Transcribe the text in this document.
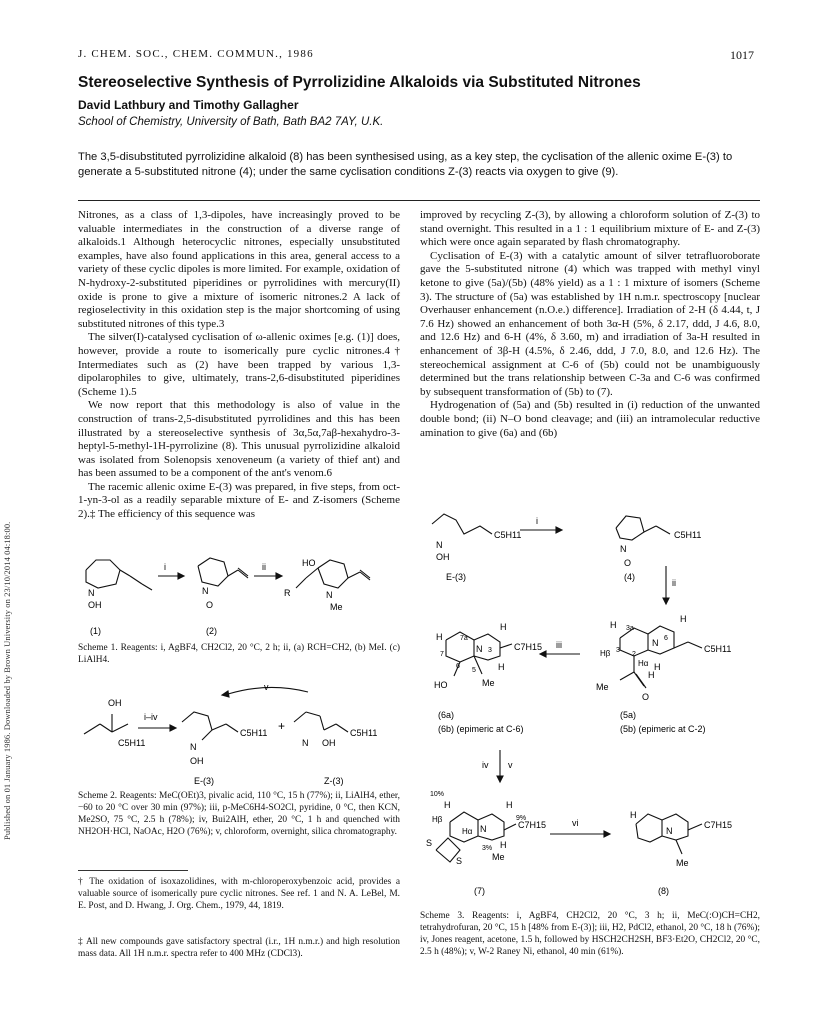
Published on 01 January 1986. Downloaded by Brown University on 23/10/2014 04:18:00.
J. CHEM. SOC., CHEM. COMMUN., 1986	1017
Stereoselective Synthesis of Pyrrolizidine Alkaloids via Substituted Nitrones
David Lathbury and Timothy Gallagher
School of Chemistry, University of Bath, Bath BA2 7AY, U.K.
The 3,5-disubstituted pyrrolizidine alkaloid (8) has been synthesised using, as a key step, the cyclisation of the allenic oxime E-(3) to generate a 5-substituted nitrone (4); under the same cyclisation conditions Z-(3) reacts via oxygen to give (9).

Nitrones, as a class of 1,3-dipoles, have increasingly proved to be valuable intermediates in the construction of a diverse range of alkaloids.1 Although heterocyclic nitrones, especially unsubstituted examples, have also found applications in this area, general access to a variety of these cyclic dipoles is more limited. For example, oxidation of N-hydroxy-2-substituted piperidines or pyrrolidines with mercury(II) oxide is prone to give a mixture of isomeric nitrones.2 A lack of regioselectivity in this oxidation step is the major shortcoming of using substituted nitrones of this type.3

The silver(I)-catalysed cyclisation of ω-allenic oximes [e.g. (1)] does, however, provide a route to isomerically pure cyclic nitrones.4† Intermediates such as (2) have been trapped by various 1,3-dipolarophiles to give, ultimately, trans-2,6-disubstituted piperidines (Scheme 1).5

We now report that this methodology is also of value in the construction of trans-2,5-disubstituted pyrrolidines and this has been illustrated by a stereoselective synthesis of 3α,5α,7aβ-hexahydro-3-heptyl-5-methyl-1H-pyrrolizine (8). This unusual pyrrolizidine alkaloid was isolated from Solenopsis xenoveneum (a variety of thief ant) and has been assumed to be a component of the ant's venom.6

The racemic allenic oxime E-(3) was prepared, in five steps, from oct-1-yn-3-ol as a readily separable mixture of E- and Z-isomers (Scheme 2).‡ The efficiency of this sequence was

N
OH
i
N
O
ii	HO
R	N
Me
(1)	(2)
Scheme 1. Reagents: i, AgBF4, CH2Cl2, 20 °C, 2 h; ii, (a) RCH=CH2, (b) MeI. (c) LiAlH4.
OH
C5H11
i–iv
v
N
OH
C5H11 +
N OH
C5H11
E-(3)	Z-(3)
Scheme 2. Reagents: MeC(OEt)3, pivalic acid, 110 °C, 15 h (77%); ii, LiAlH4, ether, −60 to 20 °C over 30 min (97%); iii, p-MeC6H4-SO2Cl, pyridine, 0 °C, then KCN, Me2SO, 75 °C, 2.5 h (78%); iv, Bui2AlH, ether, 20 °C, 1 h and quenched with NH2OH·HCl, NaOAc, H2O (76%); v, chloroform, overnight, silica chromatography.
† The oxidation of isoxazolidines, with m-chloroperoxybenzoic acid, provides a valuable source of isomerically pure cyclic nitrones. See ref. 1 and N. A. LeBel, M. E. Post, and D. Hwang, J. Org. Chem., 1979, 44, 1819.
‡ All new compounds gave satisfactory spectral (i.r., 1H n.m.r.) and high resolution mass data. All 1H n.m.r. spectra refer to 400 MHz (CDCl3).

improved by recycling Z-(3), by allowing a chloroform solution of Z-(3) to stand overnight. This resulted in a 1 : 1 equilibrium mixture of E- and Z-(3) which were once again separated by flash chromatography.

Cyclisation of E-(3) with a catalytic amount of silver tetrafluoroborate gave the 5-substituted nitrone (4) which was trapped with methyl vinyl ketone to give (5a)/(5b) (48% yield) as a 1 : 1 mixture of isomers (Scheme 3). The structure of (5a) was established by 1H n.m.r. spectroscopy [nuclear Overhauser enhancement (n.O.e.) difference]. Irradiation of 2-H (δ 4.44, t, J 7.6 Hz) showed an enhancement of both 3α-H (5%, δ 2.17, ddd, J 4.6, 8.0, and 12.6 Hz) and 6-H (4%, δ 3.60, m) and irradiation of 3a-H resulted in enhancement of 3β-H (4.5%, δ 2.46, ddd, J 7.0, 8.0, and 12.6 Hz). The stereochemical assignment at C-6 of (5b) could not be unambiguously determined but the trans relationship between C-3a and C-6 was confirmed by subsequent transformation of (5b) to (7).

Hydrogenation of (5a) and (5b) resulted in (i) reduction of the unwanted double bond; (ii) N–O bond cleavage; and (iii) an intramolecular reductive amination to give (6a) and (6b)

N
OH
C5H11
i
N
O
C5H11
E-(3)	(4)
ii
H 3a
3
N 6
H
C5H11
Hβ
Hα
2
Me
O
H
H
iii
H	7a
7
N 3
H
C7H15
6
5 H
HO	Me
(6a)
(6b) (epimeric at C-6)
(5a)
(5b) (epimeric at C-2)
iv v
10%
H
Hβ
Hα N
H
C7H15
9%
H
3%
Me
S
S
vi
H
N
C7H15
Me
(7)	(8)
Scheme 3. Reagents: i, AgBF4, CH2Cl2, 20 °C, 3 h; ii, MeC(:O)CH=CH2, tetrahydrofuran, 20 °C, 15 h [48% from E-(3)]; iii, H2, PdCl2, ethanol, 20 °C, 18 h (76%); iv, Jones reagent, acetone, 1.5 h, followed by HSCH2CH2SH, BF3·Et2O, CH2Cl2, 20 °C, 2.5 h (48%); v, W-2 Raney Ni, ethanol, 40 min (61%).
